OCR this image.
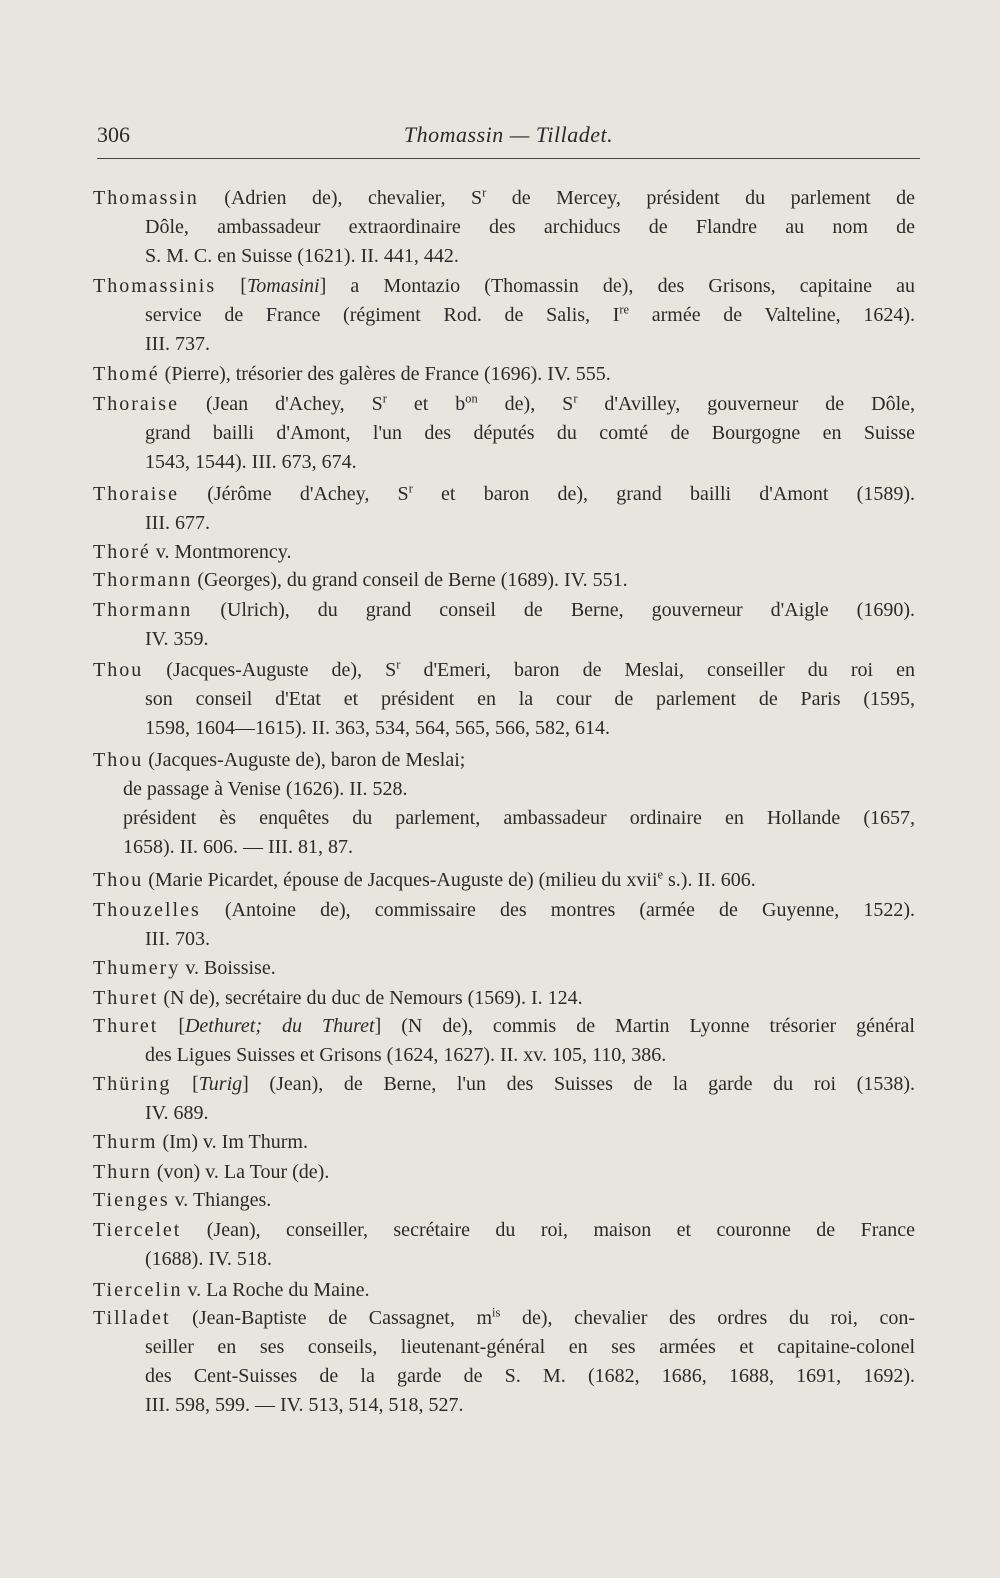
306	Thomassin — Tilladet.
Thomassin (Adrien de), chevalier, $S^r$ de Mercey, président du parlement de
Dôle, ambassadeur extraordinaire des archiducs de Flandre au nom de
S. M. C. en Suisse (1621). II. 441, 442.
Thomassinis [Tomasini] a Montazio (Thomassin de), des Grisons, capitaine au
service de France (régiment Rod. de Salis, Ire armée de Valteline, 1624).
III. 737.
Thomé (Pierre), trésorier des galères de France (1696). IV. 555.
Thoraise (Jean d'Achey, $S^r$ et $b^{on}$ de), $S^r$ d'Avilley, gouverneur de Dôle,
grand bailli d'Amont, l'un des députés du comté de Bourgogne en Suisse
1543, 1544). III. 673, 674.
Thoraise (Jérôme d'Achey, $S^r$ et baron de), grand bailli d'Amont (1589).
III. 677.
Thoré v. Montmorency.
Thormann (Georges), du grand conseil de Berne (1689). IV. 551.
Thormann (Ulrich), du grand conseil de Berne, gouverneur d'Aigle (1690).
IV. 359.
Thou (Jacques-Auguste de), $S^r$ d'Emeri, baron de Meslai, conseiller du roi en
son conseil d'Etat et président en la cour de parlement de Paris (1595,
1598, 1604—1615). II. 363, 534, 564, 565, 566, 582, 614.
Thou (Jacques-Auguste de), baron de Meslai;
de passage à Venise (1626). II. 528.
président ès enquêtes du parlement, ambassadeur ordinaire en Hollande (1657,
1658). II. 606. — III. 81, 87.
Thou (Marie Picardet, épouse de Jacques-Auguste de) (milieu du xvii$^e$ s.). II. 606.
Thouzelles (Antoine de), commissaire des montres (armée de Guyenne, 1522).
III. 703.
Thumery v. Boissise.
Thuret (N de), secrétaire du duc de Nemours (1569). I. 124.
Thuret [Dethuret; du Thuret] (N de), commis de Martin Lyonne trésorier général
des Ligues Suisses et Grisons (1624, 1627). II. xv. 105, 110, 386.
Thüring [Turig] (Jean), de Berne, l'un des Suisses de la garde du roi (1538).
IV. 689.
Thurm (Im) v. Im Thurm.
Thurn (von) v. La Tour (de).
Tienges v. Thianges.
Tiercelet (Jean), conseiller, secrétaire du roi, maison et couronne de France
(1688). IV. 518.
Tiercelin v. La Roche du Maine.
Tilladet (Jean-Baptiste de Cassagnet, $m^{is}$ de), chevalier des ordres du roi, con-
seiller en ses conseils, lieutenant-général en ses armées et capitaine-colonel
des Cent-Suisses de la garde de S. M. (1682, 1686, 1688, 1691, 1692).
III. 598, 599. — IV. 513, 514, 518, 527.
